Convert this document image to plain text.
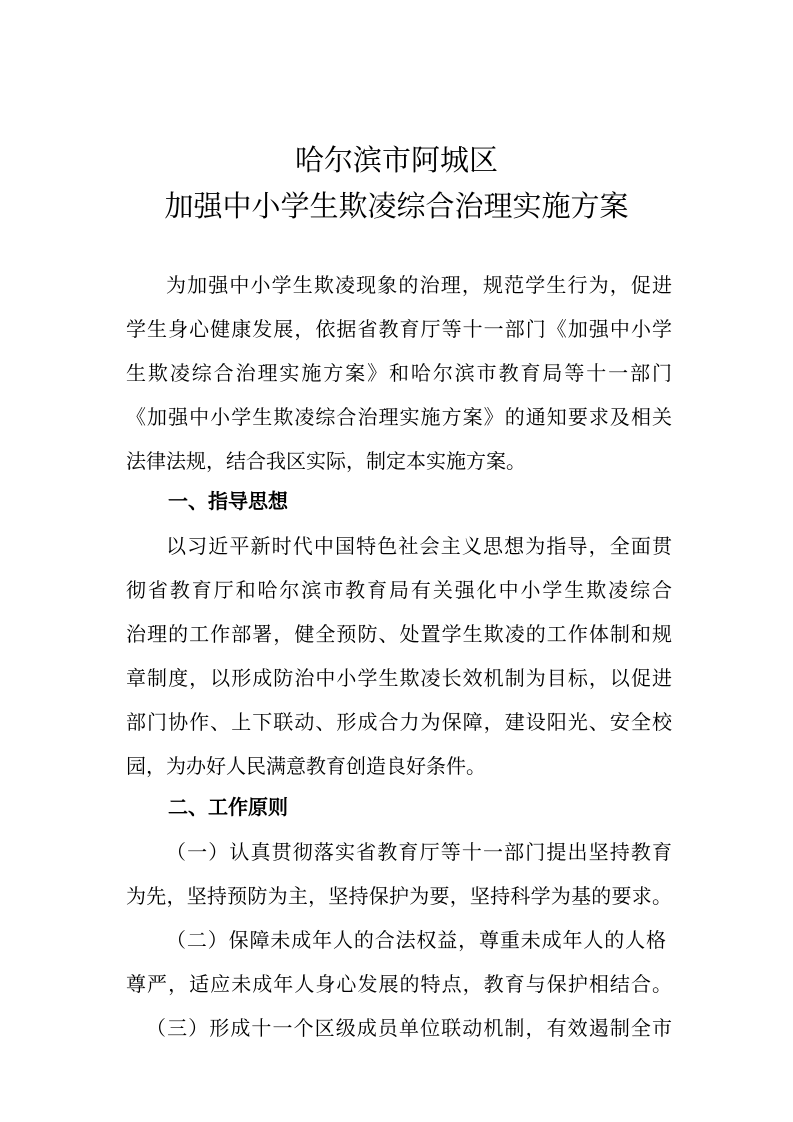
哈尔滨市阿城区
加强中小学生欺凌综合治理实施方案
为加强中小学生欺凌现象的治理，规范学生行为，促进
学生身心健康发展，依据省教育厅等十一部门《加强中小学
生欺凌综合治理实施方案》和哈尔滨市教育局等十一部门
《加强中小学生欺凌综合治理实施方案》的通知要求及相关
法律法规，结合我区实际，制定本实施方案。
一、指导思想
以习近平新时代中国特色社会主义思想为指导，全面贯
彻省教育厅和哈尔滨市教育局有关强化中小学生欺凌综合
治理的工作部署，健全预防、处置学生欺凌的工作体制和规
章制度，以形成防治中小学生欺凌长效机制为目标，以促进
部门协作、上下联动、形成合力为保障，建设阳光、安全校
园，为办好人民满意教育创造良好条件。
二、工作原则
（一）认真贯彻落实省教育厅等十一部门提出坚持教育
为先，坚持预防为主，坚持保护为要，坚持科学为基的要求。
（二）保障未成年人的合法权益，尊重未成年人的人格
尊严，适应未成年人身心发展的特点，教育与保护相结合。
（三）形成十一个区级成员单位联动机制，有效遏制全市
